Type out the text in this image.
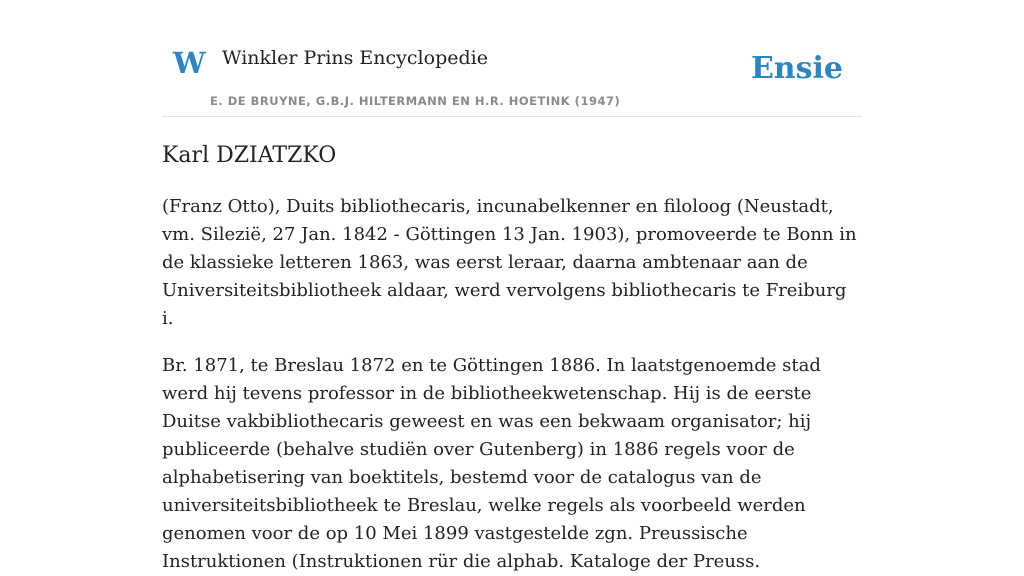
W Winkler Prins Encyclopedie
E. DE BRUYNE, G.B.J. HILTERMANN EN H.R. HOETINK (1947)
Ensie
Karl DZIATZKO

(Franz Otto), Duits bibliothecaris, incunabelkenner en filoloog (Neustadt, vm. Silezië, 27 Jan. 1842 - Göttingen 13 Jan. 1903), promoveerde te Bonn in de klassieke letteren 1863, was eerst leraar, daarna ambtenaar aan de Universiteitsbibliotheek aldaar, werd vervolgens bibliothecaris te Freiburg i.

Br. 1871, te Breslau 1872 en te Göttingen 1886. In laatstgenoemde stad werd hij tevens professor in de bibliotheekwetenschap. Hij is de eerste Duitse vakbibliothecaris geweest en was een bekwaam organisator; hij publiceerde (behalve studiën over Gutenberg) in 1886 regels voor de alphabetisering van boektitels, bestemd voor de catalogus van de universiteitsbibliotheek te Breslau, welke regels als voorbeeld werden genomen voor de op 10 Mei 1899 vastgestelde zgn. Preussische Instruktionen (Instruktionen rür die alphab. Kataloge der Preuss.
